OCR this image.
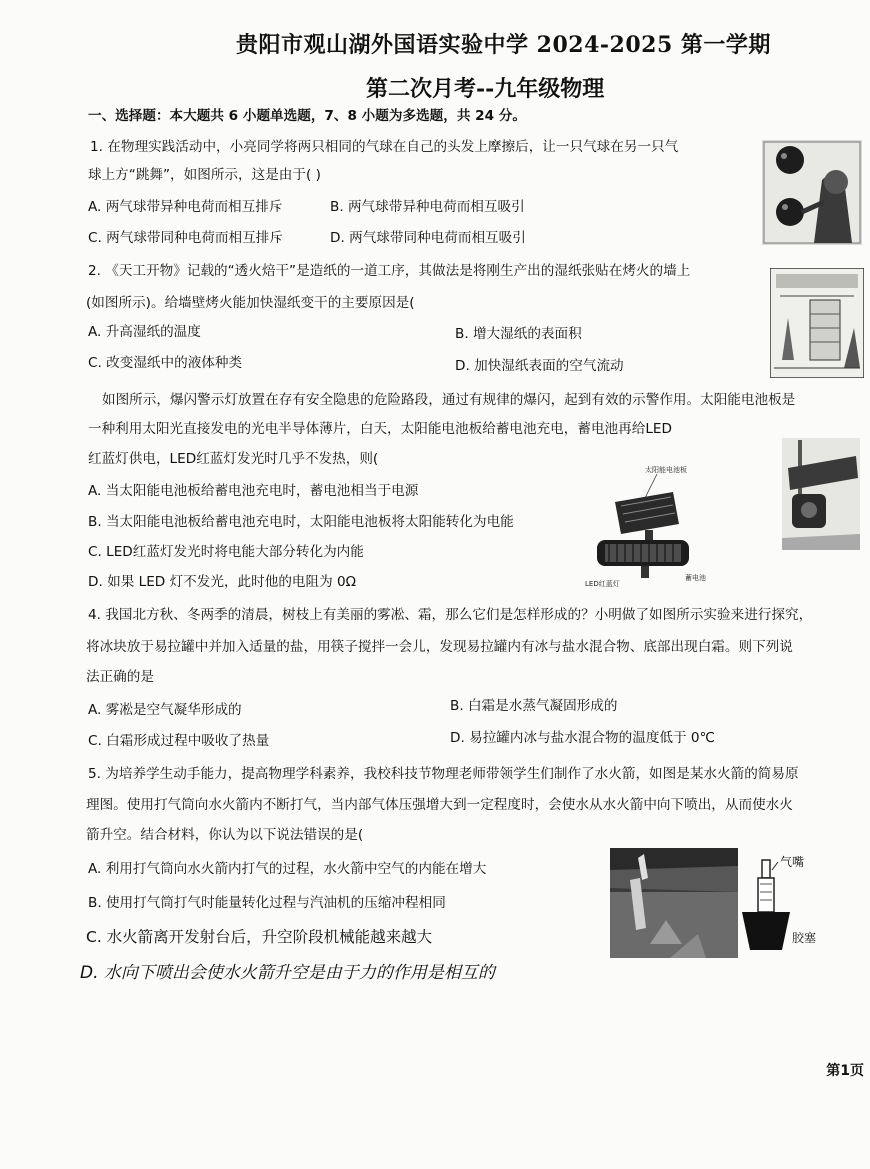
贵阳市观山湖外国语实验中学 2024-2025 第一学期
第二次月考--九年级物理
一、选择题：本大题共 6 小题单选题，7、8 小题为多选题，共 24 分。
1. 在物理实践活动中，小亮同学将两只相同的气球在自己的头发上摩擦后，让一只气球在另一只气
球上方“跳舞”，如图所示，这是由于( )
A. 两气球带异种电荷而相互排斥	B. 两气球带异种电荷而相互吸引
C. 两气球带同种电荷而相互排斥	D. 两气球带同种电荷而相互吸引
2. 《天工开物》记载的“透火焙干”是造纸的一道工序，其做法是将刚生产出的湿纸张贴在烤火的墙上
(如图所示)。给墙壁烤火能加快湿纸变干的主要原因是(
A. 升高湿纸的温度	B. 增大湿纸的表面积
C. 改变湿纸中的液体种类	D. 加快湿纸表面的空气流动
如图所示，爆闪警示灯放置在存有安全隐患的危险路段，通过有规律的爆闪，起到有效的示警作用。太阳能电池板是
一种利用太阳光直接发电的光电半导体薄片，白天，太阳能电池板给蓄电池充电，蓄电池再给LED
红蓝灯供电，LED红蓝灯发光时几乎不发热，则(
A. 当太阳能电池板给蓄电池充电时，蓄电池相当于电源
B. 当太阳能电池板给蓄电池充电时，太阳能电池板将太阳能转化为电能
C. LED红蓝灯发光时将电能大部分转化为内能
D. 如果 LED 灯不发光，此时他的电阻为 0Ω
太阳能电池板
LED红蓝灯
蓄电池
4. 我国北方秋、冬两季的清晨，树枝上有美丽的雾凇、霜，那么它们是怎样形成的？小明做了如图所示实验来进行探究，
将冰块放于易拉罐中并加入适量的盐，用筷子搅拌一会儿，发现易拉罐内有冰与盐水混合物、底部出现白霜。则下列说
法正确的是
A. 雾凇是空气凝华形成的	B. 白霜是水蒸气凝固形成的
C. 白霜形成过程中吸收了热量	D. 易拉罐内冰与盐水混合物的温度低于 0℃
5. 为培养学生动手能力，提高物理学科素养，我校科技节物理老师带领学生们制作了水火箭，如图是某水火箭的简易原
理图。使用打气筒向水火箭内不断打气，当内部气体压强增大到一定程度时，会使水从水火箭中向下喷出，从而使水火
箭升空。结合材料，你认为以下说法错误的是(
A. 利用打气筒向水火箭内打气的过程，水火箭中空气的内能在增大
B. 使用打气筒打气时能量转化过程与汽油机的压缩冲程相同
C. 水火箭离开发射台后，升空阶段机械能越来越大
D. 水向下喷出会使水火箭升空是由于力的作用是相互的
气嘴
胶塞
第1页
